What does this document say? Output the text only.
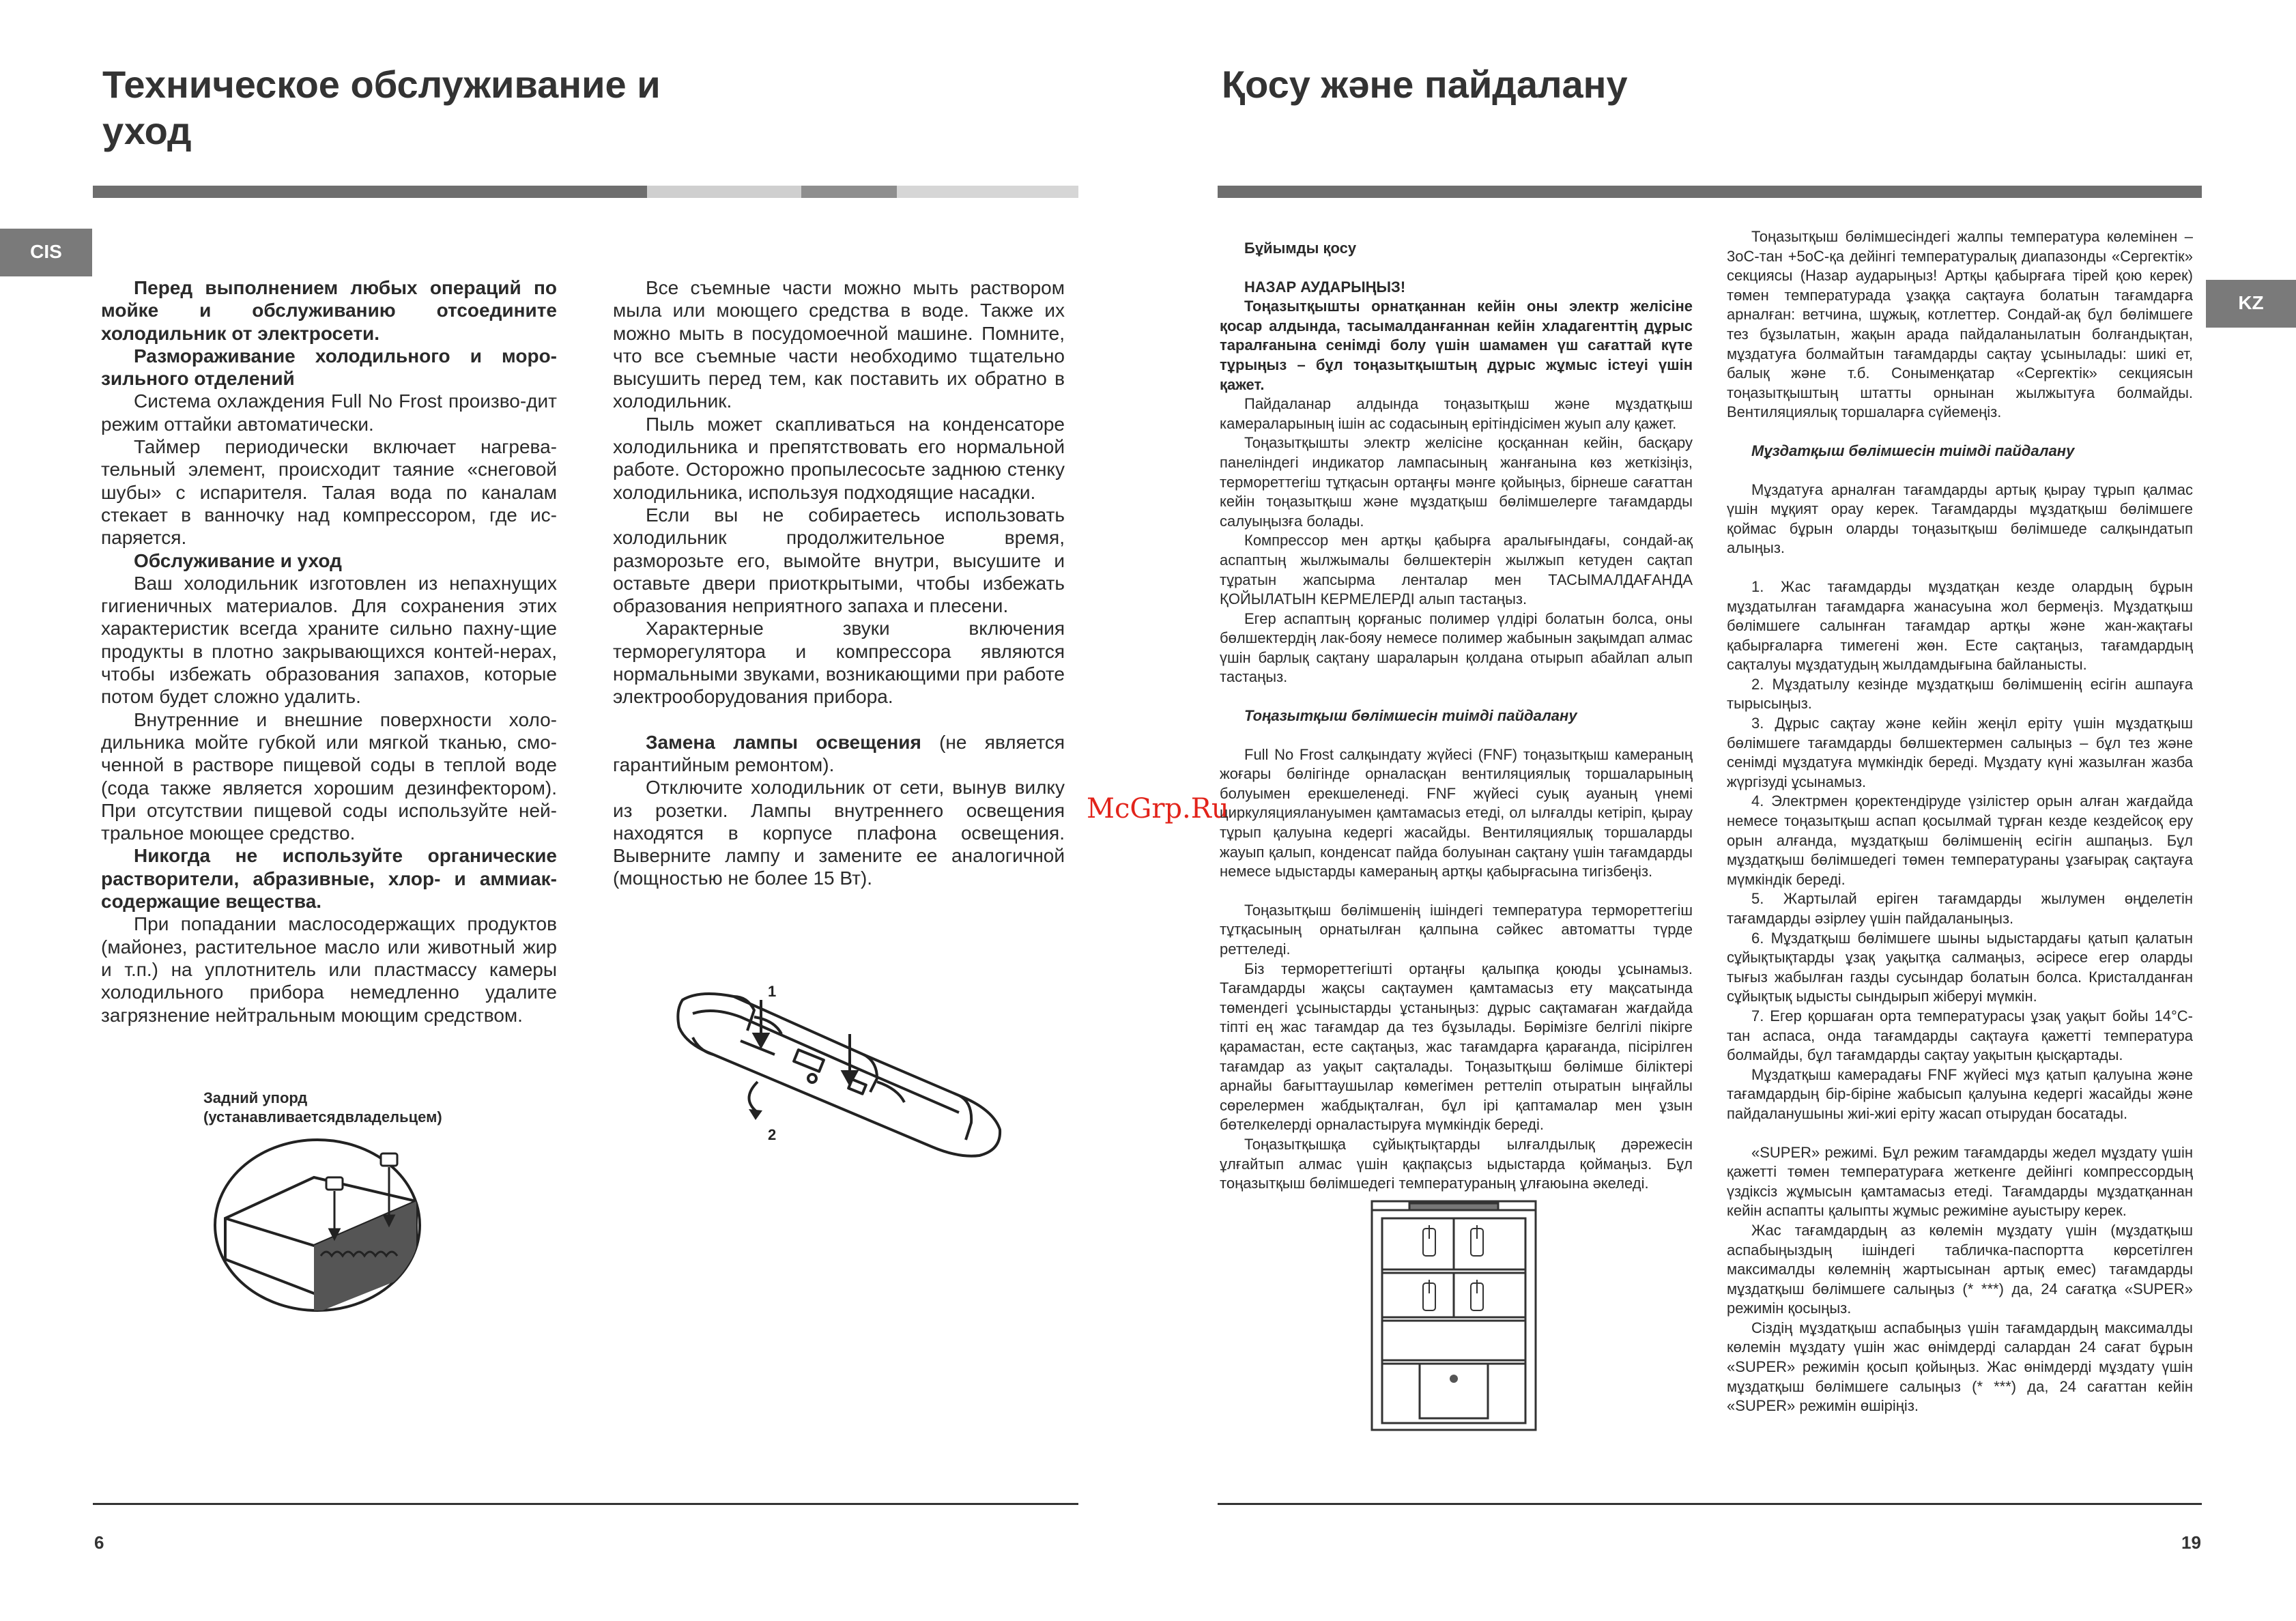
Техническое обслуживание и
уход
CIS

Перед выполнением любых операций по мойке и обслуживанию отсоедините холодильник от электросети.

Размораживание холодильного и моро-зильного отделений

Система охлаждения Full No Frost произво-дит режим оттайки автоматически.

Таймер периодически включает нагрева-тельный элемент, происходит таяние «снеговой шубы» с испарителя. Талая вода по каналам стекает в ванночку над компрессором, где ис-паряется.

Обслуживание и уход

Ваш холодильник изготовлен из непахнущих гигиеничных материалов. Для сохранения этих характеристик всегда храните сильно пахну-щие продукты в плотно закрывающихся контей-нерах, чтобы избежать образования запахов, которые потом будет сложно удалить.

Внутренние и внешние поверхности холо-дильника мойте губкой или мягкой тканью, смо-ченной в растворе пищевой соды в теплой воде (сода также является хорошим дезинфектором). При отсутствии пищевой соды используйте ней-тральное моющее средство.

Никогда не используйте органические растворители, абразивные, хлор- и аммиак-содержащие вещества.

При попадании маслосодержащих продуктов (майонез, растительное масло или животный жир и т.п.) на уплотнитель или пластмассу камеры холодильного прибора немедленно удалите загрязнение нейтральным моющим средством.

Все съемные части можно мыть раствором мыла или моющего средства в воде. Также их можно мыть в посудомоечной машине. Помните, что все съемные части необходимо тщательно высушить перед тем, как поставить их обратно в холодильник.

Пыль может скапливаться на конденсаторе холодильника и препятствовать его нормальной работе. Осторожно пропылесосьте заднюю стенку холодильника, используя подходящие насадки.

Если вы не собираетесь использовать холодильник продолжительное время, разморозьте его, вымойте внутри, высушите и оставьте двери приоткрытыми, чтобы избежать образования неприятного запаха и плесени.

Характерные звуки включения терморегулятора и компрессора являются нормальными звуками, возникающими при работе электрооборудования прибора.

Замена лампы освещения (не является гарантийным ремонтом).

Отключите холодильник от сети, вынув вилку из розетки. Лампы внутреннего освещения находятся в корпусе плафона освещения. Выверните лампу и замените ее аналогичной (мощностью не более 15 Вт).

1
2
Задний упорд
(устанавливаетсядвладельцем)
McGrp.Ru
6
Қосу және пайдалану
KZ

Бұйымды қосу

НАЗАР АУДАРЫҢЫЗ!

Тоңазытқышты орнатқаннан кейін оны электр желісіне қосар алдында, тасымалданғаннан кейін хладагенттің дұрыс таралғанына сенімді болу үшін шамамен үш сағаттай күте тұрыңыз – бұл тоңазытқыштың дұрыс жұмыс істеуі үшін қажет.

Пайдаланар алдында тоңазытқыш және мұздатқыш камераларының ішін ас содасының ерітіндісімен жуып алу қажет.

Тоңазытқышты электр желісіне қосқаннан кейін, басқару панеліндегі индикатор лампасының жанғанына көз жеткізіңіз, термореттегіш тұтқасын ортаңғы мәнге қойыңыз, бірнеше сағаттан кейін тоңазытқыш және мұздатқыш бөлімшелерге тағамдарды салуыңызға болады.

Компрессор мен артқы қабырға аралығындағы, сондай-ақ аспаптың жылжымалы бөлшектерін жылжып кетуден сақтап тұратын жапсырма ленталар мен ТАСЫМАЛДАҒАНДА ҚОЙЫЛАТЫН КЕРМЕЛЕРДІ алып тастаңыз.

Егер аспаптың қорғаныс полимер үлдірі болатын болса, оны бөлшектердің лак-бояу немесе полимер жабынын зақымдап алмас үшін барлық сақтану шараларын қолдана отырып абайлап алып тастаңыз.

Тоңазытқыш бөлімшесін тиімді пайдалану

Full No Frost салқындату жүйесі (FNF) тоңазытқыш камераның жоғары бөлігінде орналасқан вентиляциялық торшаларының болуымен ерекшеленеді. FNF жүйесі суық ауаның үнемі циркуляциялануымен қамтамасыз етеді, ол ылғалды кетіріп, қырау тұрып қалуына кедергі жасайды. Вентиляциялық торшаларды жауып қалып, конденсат пайда болуынан сақтану үшін тағамдарды немесе ыдыстарды камераның артқы қабырғасына тигізбеңіз.

Тоңазытқыш бөлімшенің ішіндегі температура термореттегіш тұтқасының орнатылған қалпына сәйкес автоматты түрде реттеледі.

Біз термореттегішті ортаңғы қалыпқа қоюды ұсынамыз. Тағамдарды жақсы сақтаумен қамтамасыз ету мақсатында төмендегі ұсыныстарды ұстаныңыз: дұрыс сақтамаған жағдайда тіпті ең жас тағамдар да тез бұзылады. Бөрімізге белгілі пікірге қарамастан, есте сақтаңыз, жас тағамдарға қарағанда, пісірілген тағамдар аз уақыт сақталады. Тоңазытқыш бөлімше біліктері арнайы бағыттаушылар көмегімен реттеліп отыратын ыңғайлы сөрелермен жабдықталған, бұл ірі қаптамалар мен ұзын бөтелкелерді орналастыруға мүмкіндік береді.

Тоңазытқышқа сұйықтықтарды ылғалдылық дәрежесін ұлғайтып алмас үшін қақпақсыз ыдыстарда қоймаңыз. Бұл тоңазытқыш бөлімшедегі температураның ұлғаюына әкеледі.

Тоңазытқыш бөлімшесіндегі жалпы температура көлемінен –3оС-тан +5оС-қа дейінгі температуралық диапазонды «Сергектік» секциясы (Назар аударыңыз! Артқы қабырғаға тірей қою керек) төмен температурада ұзаққа сақтауға болатын тағамдарға арналған: ветчина, шұжық, котлеттер. Сондай-ақ бұл бөлімшеге тез бұзылатын, жақын арада пайдаланылатын болғандықтан, мұздатуға болмайтын тағамдарды сақтау ұсынылады: шикі ет, балық және т.б. Соныменқатар «Сергектік» секциясын тоңазытқыштың штатты орнынан жылжытуға болмайды. Вентиляциялық торшаларға сүйемеңіз.

Мұздатқыш бөлімшесін тиімді пайдалану

Мұздатуға арналған тағамдарды артық қырау тұрып қалмас үшін мұқият орау керек. Тағамдарды мұздатқыш бөлімшеге қоймас бұрын оларды тоңазытқыш бөлімшеде салқындатып алыңыз.

1. Жас тағамдарды мұздатқан кезде олардың бұрын мұздатылған тағамдарға жанасуына жол бермеңіз. Мұздатқыш бөлімшеге салынған тағамдар артқы және жан-жақтағы қабырғаларға тимегені жөн. Есте сақтаңыз, тағамдардың сақталуы мұздатудың жылдамдығына байланысты.

2. Мұздатылу кезінде мұздатқыш бөлімшенің есігін ашпауға тырысыңыз.

3. Дұрыс сақтау және кейін жеңіл еріту үшін мұздатқыш бөлімшеге тағамдарды бөлшектермен салыңыз – бұл тез және сенімді мұздатуға мүмкіндік береді. Мұздату күні жазылған жазба жүргізуді ұсынамыз.

4. Электрмен қоректендіруде үзілістер орын алған жағдайда немесе тоңазытқыш аспап қосылмай тұрған кезде кездейсоқ еру орын алғанда, мұздатқыш бөлімшенің есігін ашпаңыз. Бұл мұздатқыш бөлімшедегі төмен температураны ұзағырақ сақтауға мүмкіндік береді.

5. Жартылай еріген тағамдарды жылумен өңделетін тағамдарды әзірлеу үшін пайдаланыңыз.

6. Мұздатқыш бөлімшеге шыны ыдыстардағы қатып қалатын сұйықтықтарды ұзақ уақытқа салмаңыз, әсіресе егер оларды тығыз жабылған газды сусындар болатын болса. Кристалданған сұйықтық ыдысты сындырып жіберуі мүмкін.

7. Егер қоршаған орта температурасы ұзақ уақыт бойы 14°С-тан аспаса, онда тағамдарды сақтауға қажетті температура болмайды, бұл тағамдарды сақтау уақытын қысқартады.

Мұздатқыш камерадағы FNF жүйесі мұз қатып қалуына және тағамдардың бір-біріне жабысып қалуына кедергі жасайды және пайдаланушыны жиі-жиі еріту жасап отырудан босатады.

«SUPER» режимі. Бұл режим тағамдарды жедел мұздату үшін қажетті төмен температураға жеткенге дейінгі компрессордың үздіксіз жұмысын қамтамасыз етеді. Тағамдарды мұздатқаннан кейін аспапты қалыпты жұмыс режиміне ауыстыру керек.

Жас тағамдардың аз көлемін мұздату үшін (мұздатқыш аспабыңыздың ішіндегі табличка-паспортта көрсетілген максималды көлемнің жартысынан артық емес) тағамдарды мұздатқыш бөлімшеге салыңыз (* ***) да, 24 сағатқа «SUPER» режимін қосыңыз.

Сіздің мұздатқыш аспабыңыз үшін тағамдардың максималды көлемін мұздату үшін жас өнімдерді салардан 24 сағат бұрын «SUPER» режимін қосып қойыңыз. Жас өнімдерді мұздату үшін мұздатқыш бөлімшеге салыңыз (* ***) да, 24 сағаттан кейін «SUPER» режимін өшіріңіз.

19
